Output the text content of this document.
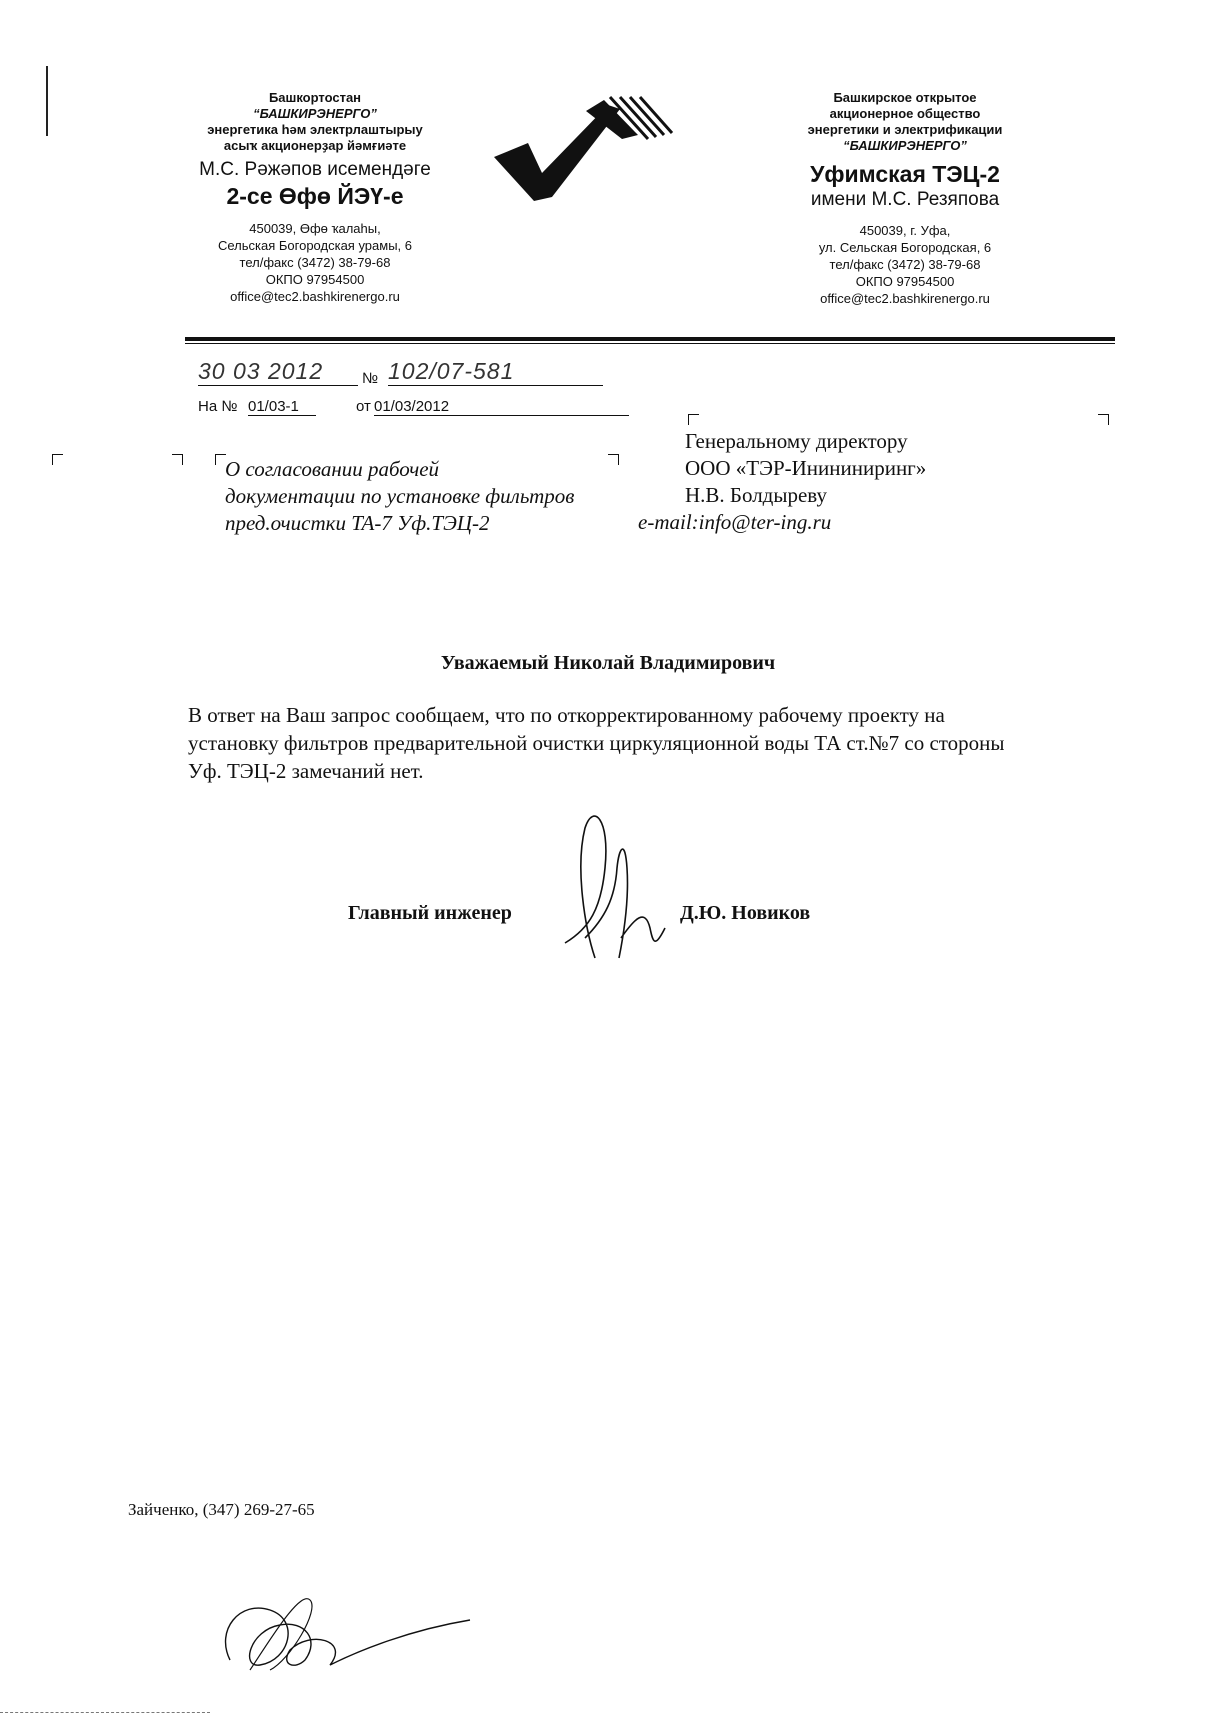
Башкортостан
“БАШКИРЭНЕРГО”
энергетика hәм электрлаштырыу
асыҡ акционерҙар йәмғиәте
М.С. Рәжәпов исемендәге
2-се Өфө ЙЭҮ-е
450039, Өфө ҡалаhы,
Сельская Богородская урамы, 6
тел/факс (3472) 38-79-68
ОКПО 97954500
office@tec2.bashkirenergo.ru
Башкирское открытое
акционерное общество
энергетики и электрификации
“БАШКИРЭНЕРГО”
Уфимская ТЭЦ-2
имени М.С. Резяпова
450039, г. Уфа,
ул. Сельская Богородская, 6
тел/факс (3472) 38-79-68
ОКПО 97954500
office@tec2.bashkirenergo.ru
30 03 2012	№ 102/07-581
На № 01/03-1	от 01/03/2012
О согласовании рабочей
документации по установке фильтров
пред.очистки ТА-7 Уф.ТЭЦ-2
Генеральному директору
ООО «ТЭР-Инининиринг»
Н.В. Болдыреву
e-mail:info@ter-ing.ru
Уважаемый Николай Владимирович
В ответ на Ваш запрос сообщаем, что по откорректированному рабочему проекту на
установку фильтров предварительной очистки циркуляционной воды ТА ст.№7 со стороны
Уф. ТЭЦ-2 замечаний нет.
Главный инженер	Д.Ю. Новиков
Зайченко, (347) 269-27-65
